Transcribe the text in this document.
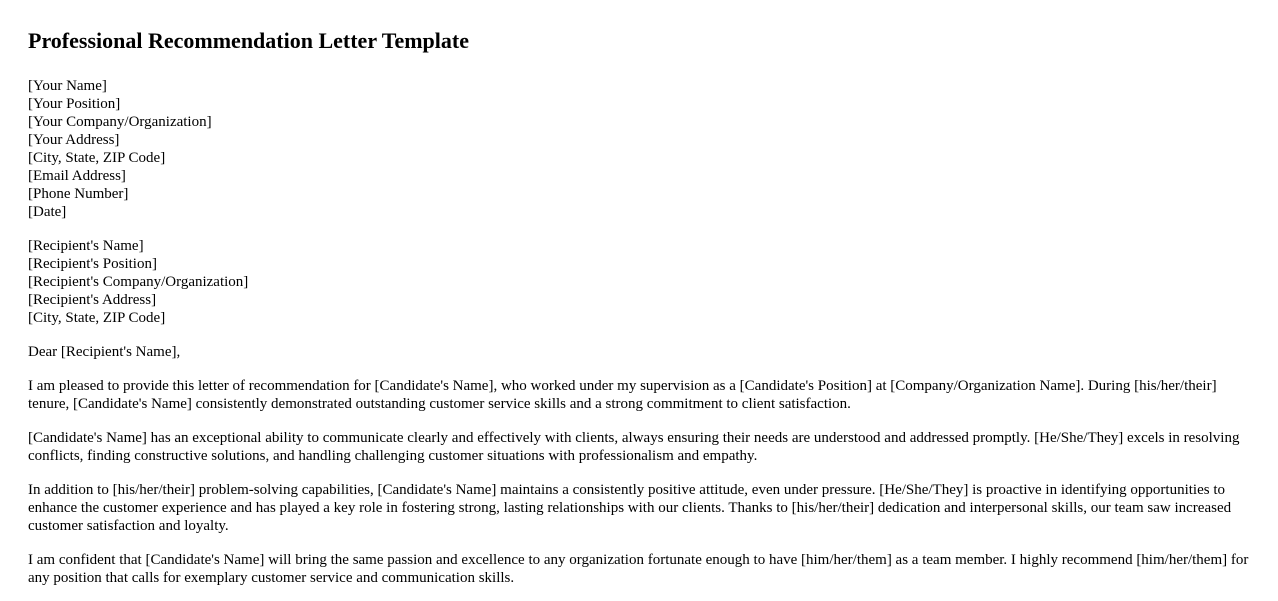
Professional Recommendation Letter Template
[Your Name]
[Your Position]
[Your Company/Organization]
[Your Address]
[City, State, ZIP Code]
[Email Address]
[Phone Number]
[Date]
[Recipient's Name]
[Recipient's Position]
[Recipient's Company/Organization]
[Recipient's Address]
[City, State, ZIP Code]
Dear [Recipient's Name],
I am pleased to provide this letter of recommendation for [Candidate's Name], who worked under my supervision as a [Candidate's Position] at [Company/Organization Name]. During [his/her/their] tenure, [Candidate's Name] consistently demonstrated outstanding customer service skills and a strong commitment to client satisfaction.
[Candidate's Name] has an exceptional ability to communicate clearly and effectively with clients, always ensuring their needs are understood and addressed promptly. [He/She/They] excels in resolving conflicts, finding constructive solutions, and handling challenging customer situations with professionalism and empathy.
In addition to [his/her/their] problem-solving capabilities, [Candidate's Name] maintains a consistently positive attitude, even under pressure. [He/She/They] is proactive in identifying opportunities to enhance the customer experience and has played a key role in fostering strong, lasting relationships with our clients. Thanks to [his/her/their] dedication and interpersonal skills, our team saw increased customer satisfaction and loyalty.
I am confident that [Candidate's Name] will bring the same passion and excellence to any organization fortunate enough to have [him/her/them] as a team member. I highly recommend [him/her/them] for any position that calls for exemplary customer service and communication skills.
